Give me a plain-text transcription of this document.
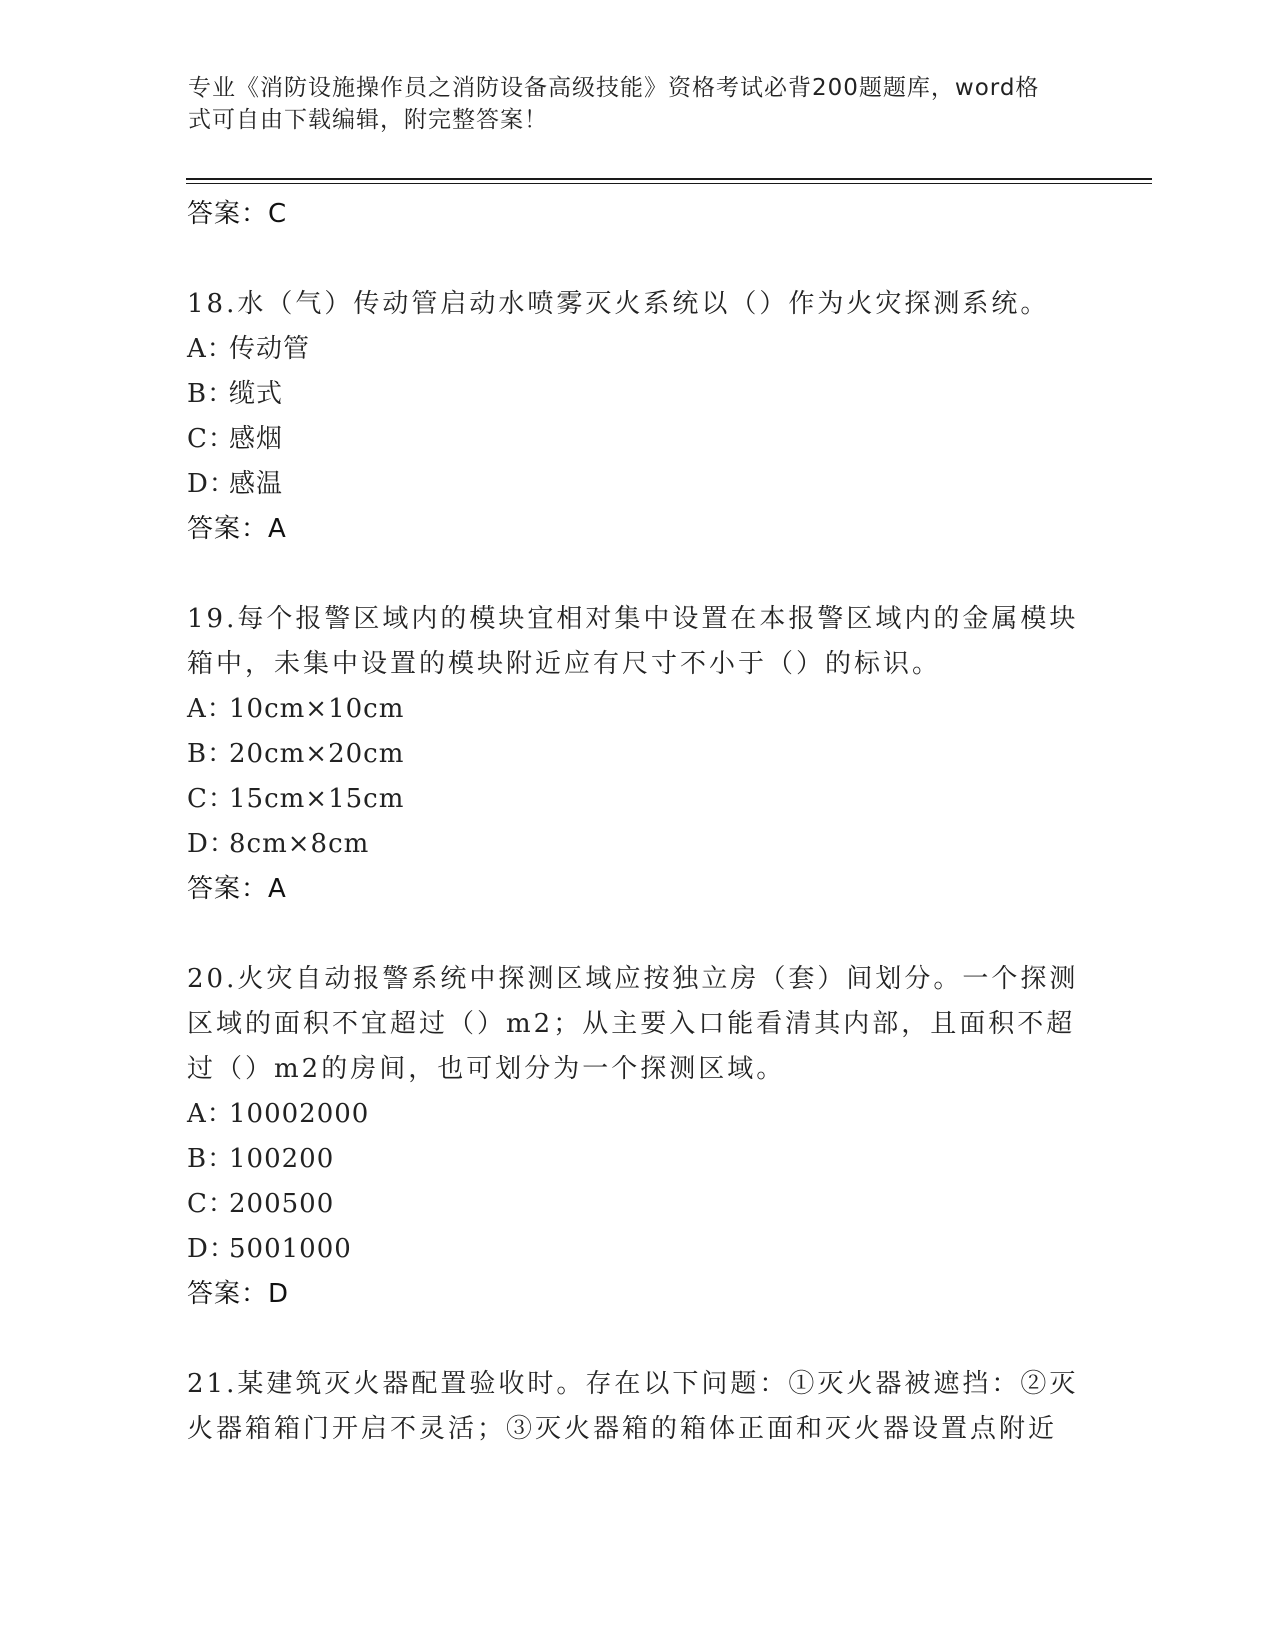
专业《消防设施操作员之消防设备高级技能》资格考试必背200题题库，word格
式可自由下载编辑，附完整答案！
答案：C
18.水（气）传动管启动水喷雾灭火系统以（）作为火灾探测系统。
A：传动管
B：缆式
C：感烟
D：感温
答案：A
19.每个报警区域内的模块宜相对集中设置在本报警区域内的金属模块
箱中，未集中设置的模块附近应有尺寸不小于（）的标识。
A：10cm×10cm
B：20cm×20cm
C：15cm×15cm
D：8cm×8cm
答案：A
20.火灾自动报警系统中探测区域应按独立房（套）间划分。一个探测
区域的面积不宜超过（）m2；从主要入口能看清其内部，且面积不超
过（）m2的房间，也可划分为一个探测区域。
A：10002000
B：100200
C：200500
D：5001000
答案：D
21.某建筑灭火器配置验收时。存在以下问题：①灭火器被遮挡：②灭
火器箱箱门开启不灵活；③灭火器箱的箱体正面和灭火器设置点附近
